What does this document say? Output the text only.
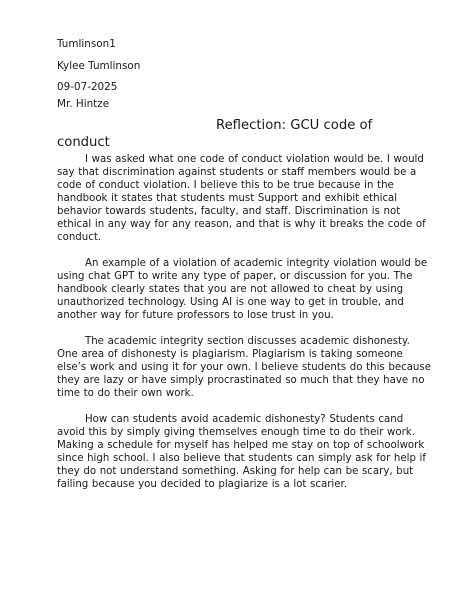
Tumlinson1
Kylee Tumlinson
09-07-2025
Mr. Hintze
Reflection: GCU code of
conduct

I was asked what one code of conduct violation would be. I would say that discrimination against students or staff members would be a code of conduct violation. I believe this to be true because in the handbook it states that students must Support and exhibit ethical behavior towards students, faculty, and staff. Discrimination is not ethical in any way for any reason, and that is why it breaks the code of conduct.

An example of a violation of academic integrity violation would be using chat GPT to write any type of paper, or discussion for you. The handbook clearly states that you are not allowed to cheat by using unauthorized technology. Using AI is one way to get in trouble, and another way for future professors to lose trust in you.

The academic integrity section discusses academic dishonesty. One area of dishonesty is plagiarism. Plagiarism is taking someone else’s work and using it for your own. I believe students do this because they are lazy or have simply procrastinated so much that they have no time to do their own work.

How can students avoid academic dishonesty? Students cand avoid this by simply giving themselves enough time to do their work. Making a schedule for myself has helped me stay on top of schoolwork since high school. I also believe that students can simply ask for help if they do not understand something. Asking for help can be scary, but failing because you decided to plagiarize is a lot scarier.
